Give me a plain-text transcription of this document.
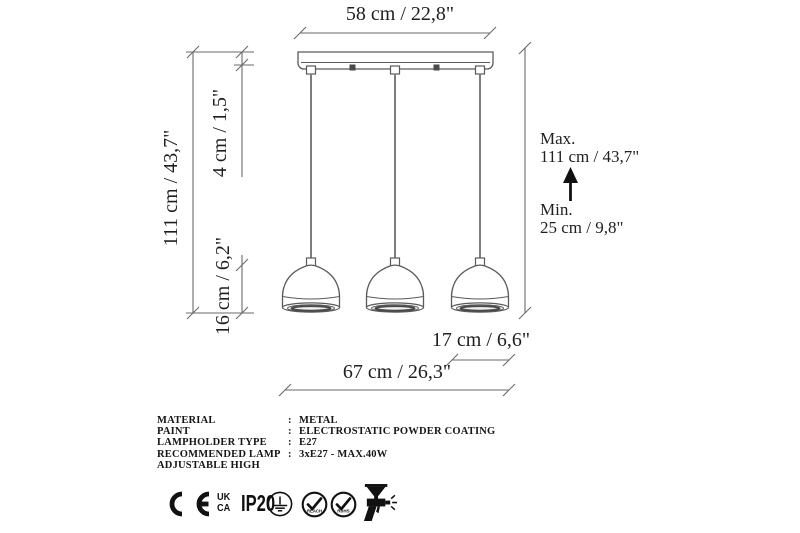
58 cm / 22,8"
111 cm / 43,7" 4 cm / 1,5"
16 cm / 6,2"
Max.
111 cm / 43,7"
Min.
25 cm / 9,8"
17 cm / 6,6"
67 cm / 26,3"
MATERIAL	: METAL
PAINT	: ELECTROSTATIC POWDER COATING
LAMPHOLDER TYPE	: E27
RECOMMENDED LAMP : 3xE27 - MAX.40W
ADJUSTABLE HIGH
UK
CA IP20	REACH	RoHS
